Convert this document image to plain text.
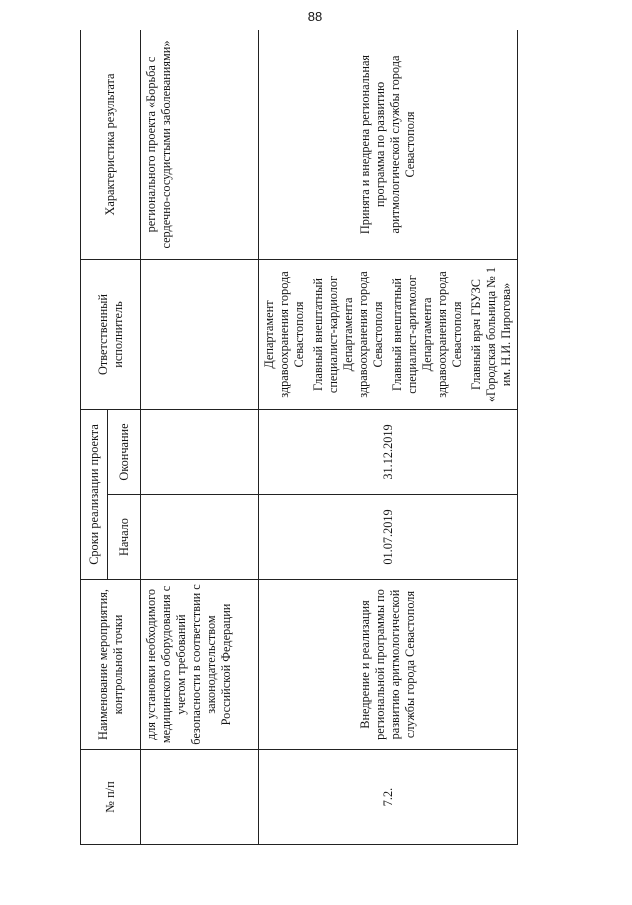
88
№ п/п	Наименование мероприятия, контрольной точки	Сроки реализации проекта		Ответственный исполнитель	Характеристика результата
		Начало	Окончание		
	для установки необходимого медицинского оборудования с учетом требований безопасности в соответствии с законодательством Российской Федерации				регионального проекта «Борьба с сердечно-сосудистыми заболеваниями»
7.2.	Внедрение и реализация региональной программы по развитию аритмологической службы города Севастополя	01.07.2019	31.12.2019	Департамент здравоохранения города Севастополя Главный внештатный специалист-кардиолог Департамента здравоохранения города Севастополя Главный внештатный специалист-аритмолог Департамента здравоохранения города Севастополя Главный врач ГБУЗС «Городская больница № 1 им. Н.И. Пирогова»	Принята и внедрена региональная программа по развитию аритмологической службы города Севастополя
